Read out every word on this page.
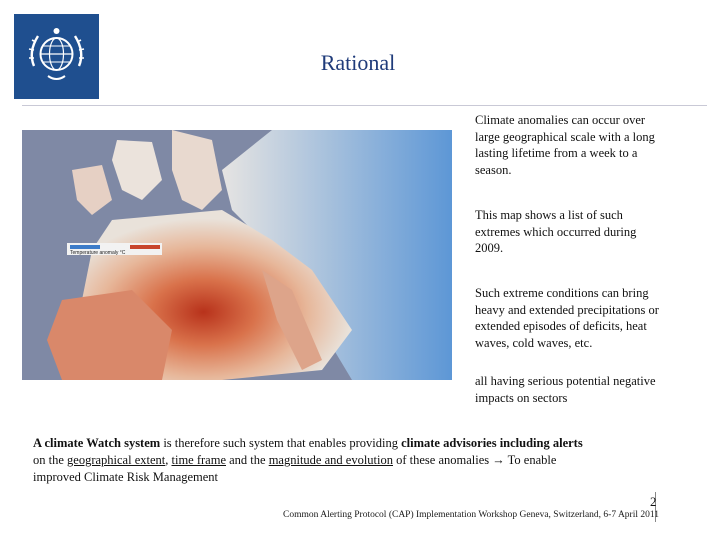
Rational
Temperature anomaly °C

Climate anomalies can occur over large geographical scale with a long lasting lifetime from a week to a season.

This map shows a list of such extremes which occurred during 2009.

Such extreme conditions can bring heavy and extended precipitations or extended episodes of deficits, heat waves, cold waves, etc.

all having serious potential negative impacts on sectors

A climate Watch system is therefore such system that enables providing climate advisories including alerts on the geographical extent, time frame and the magnitude and evolution of these anomalies → To enable improved Climate Risk Management
2
Common Alerting Protocol (CAP) Implementation Workshop Geneva, Switzerland, 6-7 April 2011
